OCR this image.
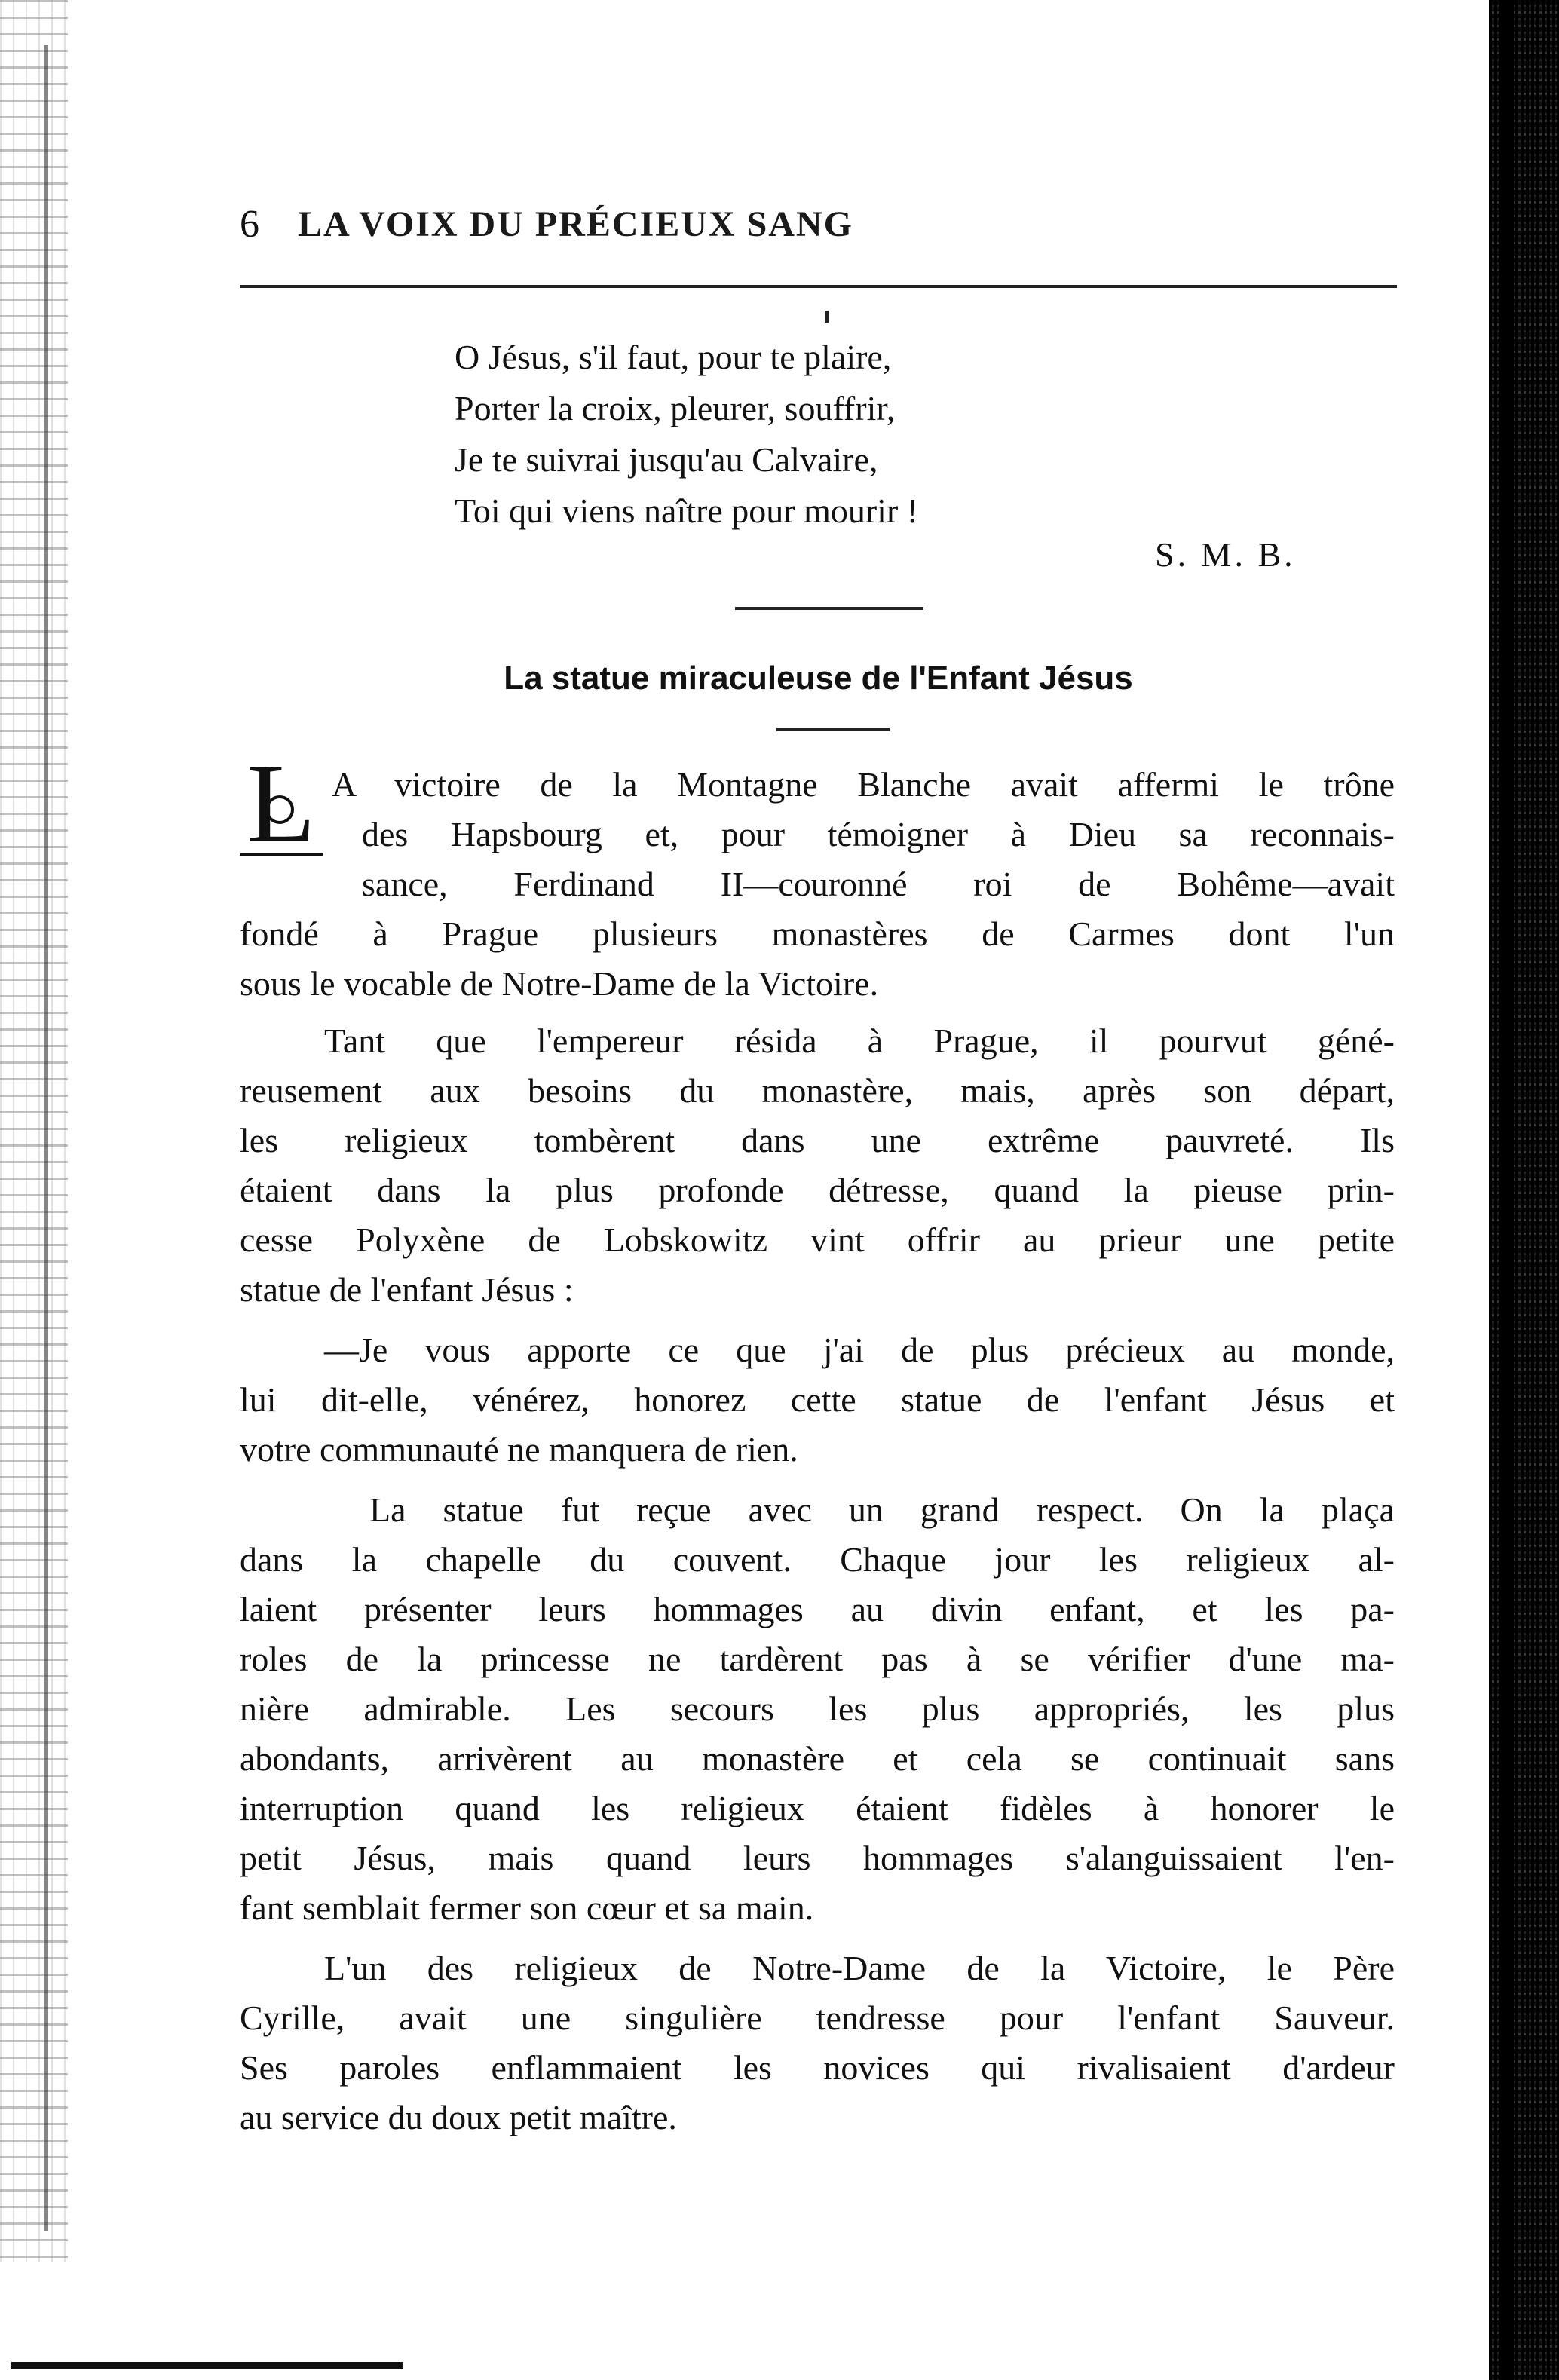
6 LA VOIX DU PRÉCIEUX SANG

O Jésus, s'il faut, pour te plaire,
Porter la croix, pleurer, souffrir,
Je te suivrai jusqu'au Calvaire,
Toi qui viens naître pour mourir !

S. M. B.

La statue miraculeuse de l'Enfant Jésus

L A victoire de la Montagne Blanche avait affermi le trône

des Hapsbourg et, pour témoigner à Dieu sa reconnais-

sance, Ferdinand II—couronné roi de Bohême—avait

fondé à Prague plusieurs monastères de Carmes dont l'un

sous le vocable de Notre-Dame de la Victoire.

Tant que l'empereur résida à Prague, il pourvut géné-

reusement aux besoins du monastère, mais, après son départ,

les religieux tombèrent dans une extrême pauvreté. Ils

étaient dans la plus profonde détresse, quand la pieuse prin-

cesse Polyxène de Lobskowitz vint offrir au prieur une petite

statue de l'enfant Jésus :

—Je vous apporte ce que j'ai de plus précieux au monde,

lui dit-elle, vénérez, honorez cette statue de l'enfant Jésus et

votre communauté ne manquera de rien.

La statue fut reçue avec un grand respect. On la plaça

dans la chapelle du couvent. Chaque jour les religieux al-

laient présenter leurs hommages au divin enfant, et les pa-

roles de la princesse ne tardèrent pas à se vérifier d'une ma-

nière admirable. Les secours les plus appropriés, les plus

abondants, arrivèrent au monastère et cela se continuait sans

interruption quand les religieux étaient fidèles à honorer le

petit Jésus, mais quand leurs hommages s'alanguissaient l'en-

fant semblait fermer son cœur et sa main.

L'un des religieux de Notre-Dame de la Victoire, le Père

Cyrille, avait une singulière tendresse pour l'enfant Sauveur.

Ses paroles enflammaient les novices qui rivalisaient d'ardeur

au service du doux petit maître.
